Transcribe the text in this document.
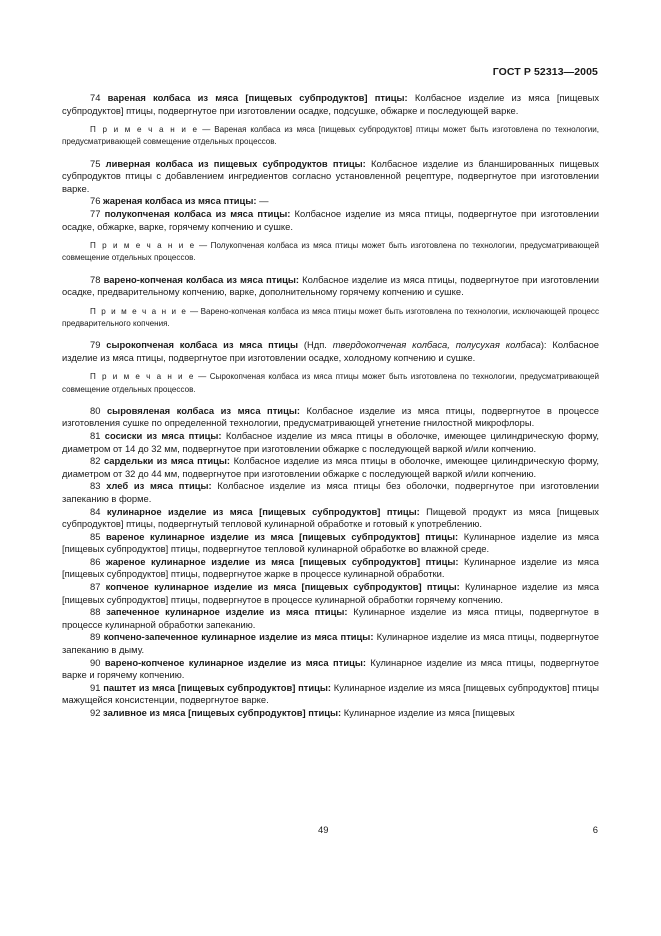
ГОСТ Р 52313—2005

74 вареная колбаса из мяса [пищевых субпродуктов] птицы: Колбасное изделие из мяса [пищевых субпродуктов] птицы, подвергнутое при изготовлении осадке, подсушке, обжарке и последующей варке.

П р и м е ч а н и е — Вареная колбаса из мяса [пищевых субпродуктов] птицы может быть изготовлена по технологии, предусматривающей совмещение отдельных процессов.

75 ливерная колбаса из пищевых субпродуктов птицы: Колбасное изделие из бланшированных пищевых субпродуктов птицы с добавлением ингредиентов согласно установленной рецептуре, подвергнутое при изготовлении варке.

76 жареная колбаса из мяса птицы: —

77 полукопченая колбаса из мяса птицы: Колбасное изделие из мяса птицы, подвергнутое при изготовлении осадке, обжарке, варке, горячему копчению и сушке.

П р и м е ч а н и е — Полукопченая колбаса из мяса птицы может быть изготовлена по технологии, предусматривающей совмещение отдельных процессов.

78 варено-копченая колбаса из мяса птицы: Колбасное изделие из мяса птицы, подвергнутое при изготовлении осадке, предварительному копчению, варке, дополнительному горячему копчению и сушке.

П р и м е ч а н и е — Варено-копченая колбаса из мяса птицы может быть изготовлена по технологии, исключающей процесс предварительного копчения.

79 сырокопченая колбаса из мяса птицы (Ндп. твердокопченая колбаса, полусухая колбаса): Колбасное изделие из мяса птицы, подвергнутое при изготовлении осадке, холодному копчению и сушке.

П р и м е ч а н и е — Сырокопченая колбаса из мяса птицы может быть изготовлена по технологии, предусматривающей совмещение отдельных процессов.

80 сыровяленая колбаса из мяса птицы: Колбасное изделие из мяса птицы, подвергнутое в процессе изготовления сушке по определенной технологии, предусматривающей угнетение гнилостной микрофлоры.

81 сосиски из мяса птицы: Колбасное изделие из мяса птицы в оболочке, имеющее цилиндрическую форму, диаметром от 14 до 32 мм, подвергнутое при изготовлении обжарке с последующей варкой и/или копчению.

82 сардельки из мяса птицы: Колбасное изделие из мяса птицы в оболочке, имеющее цилиндрическую форму, диаметром от 32 до 44 мм, подвергнутое при изготовлении обжарке с последующей варкой и/или копчению.

83 хлеб из мяса птицы: Колбасное изделие из мяса птицы без оболочки, подвергнутое при изготовлении запеканию в форме.

84 кулинарное изделие из мяса [пищевых субпродуктов] птицы: Пищевой продукт из мяса [пищевых субпродуктов] птицы, подвергнутый тепловой кулинарной обработке и готовый к употреблению.

85 вареное кулинарное изделие из мяса [пищевых субпродуктов] птицы: Кулинарное изделие из мяса [пищевых субпродуктов] птицы, подвергнутое тепловой кулинарной обработке во влажной среде.

86 жареное кулинарное изделие из мяса [пищевых субпродуктов] птицы: Кулинарное изделие из мяса [пищевых субпродуктов] птицы, подвергнутое жарке в процессе кулинарной обработки.

87 копченое кулинарное изделие из мяса [пищевых субпродуктов] птицы: Кулинарное изделие из мяса [пищевых субпродуктов] птицы, подвергнутое в процессе кулинарной обработки горячему копчению.

88 запеченное кулинарное изделие из мяса птицы: Кулинарное изделие из мяса птицы, подвергнутое в процессе кулинарной обработки запеканию.

89 копчено-запеченное кулинарное изделие из мяса птицы: Кулинарное изделие из мяса птицы, подвергнутое запеканию в дыму.

90 варено-копченое кулинарное изделие из мяса птицы: Кулинарное изделие из мяса птицы, подвергнутое варке и горячему копчению.

91 паштет из мяса [пищевых субпродуктов] птицы: Кулинарное изделие из мяса [пищевых субпродуктов] птицы мажущейся консистенции, подвергнутое варке.

92 заливное из мяса [пищевых субпродуктов] птицы: Кулинарное изделие из мяса [пищевых

49	6
